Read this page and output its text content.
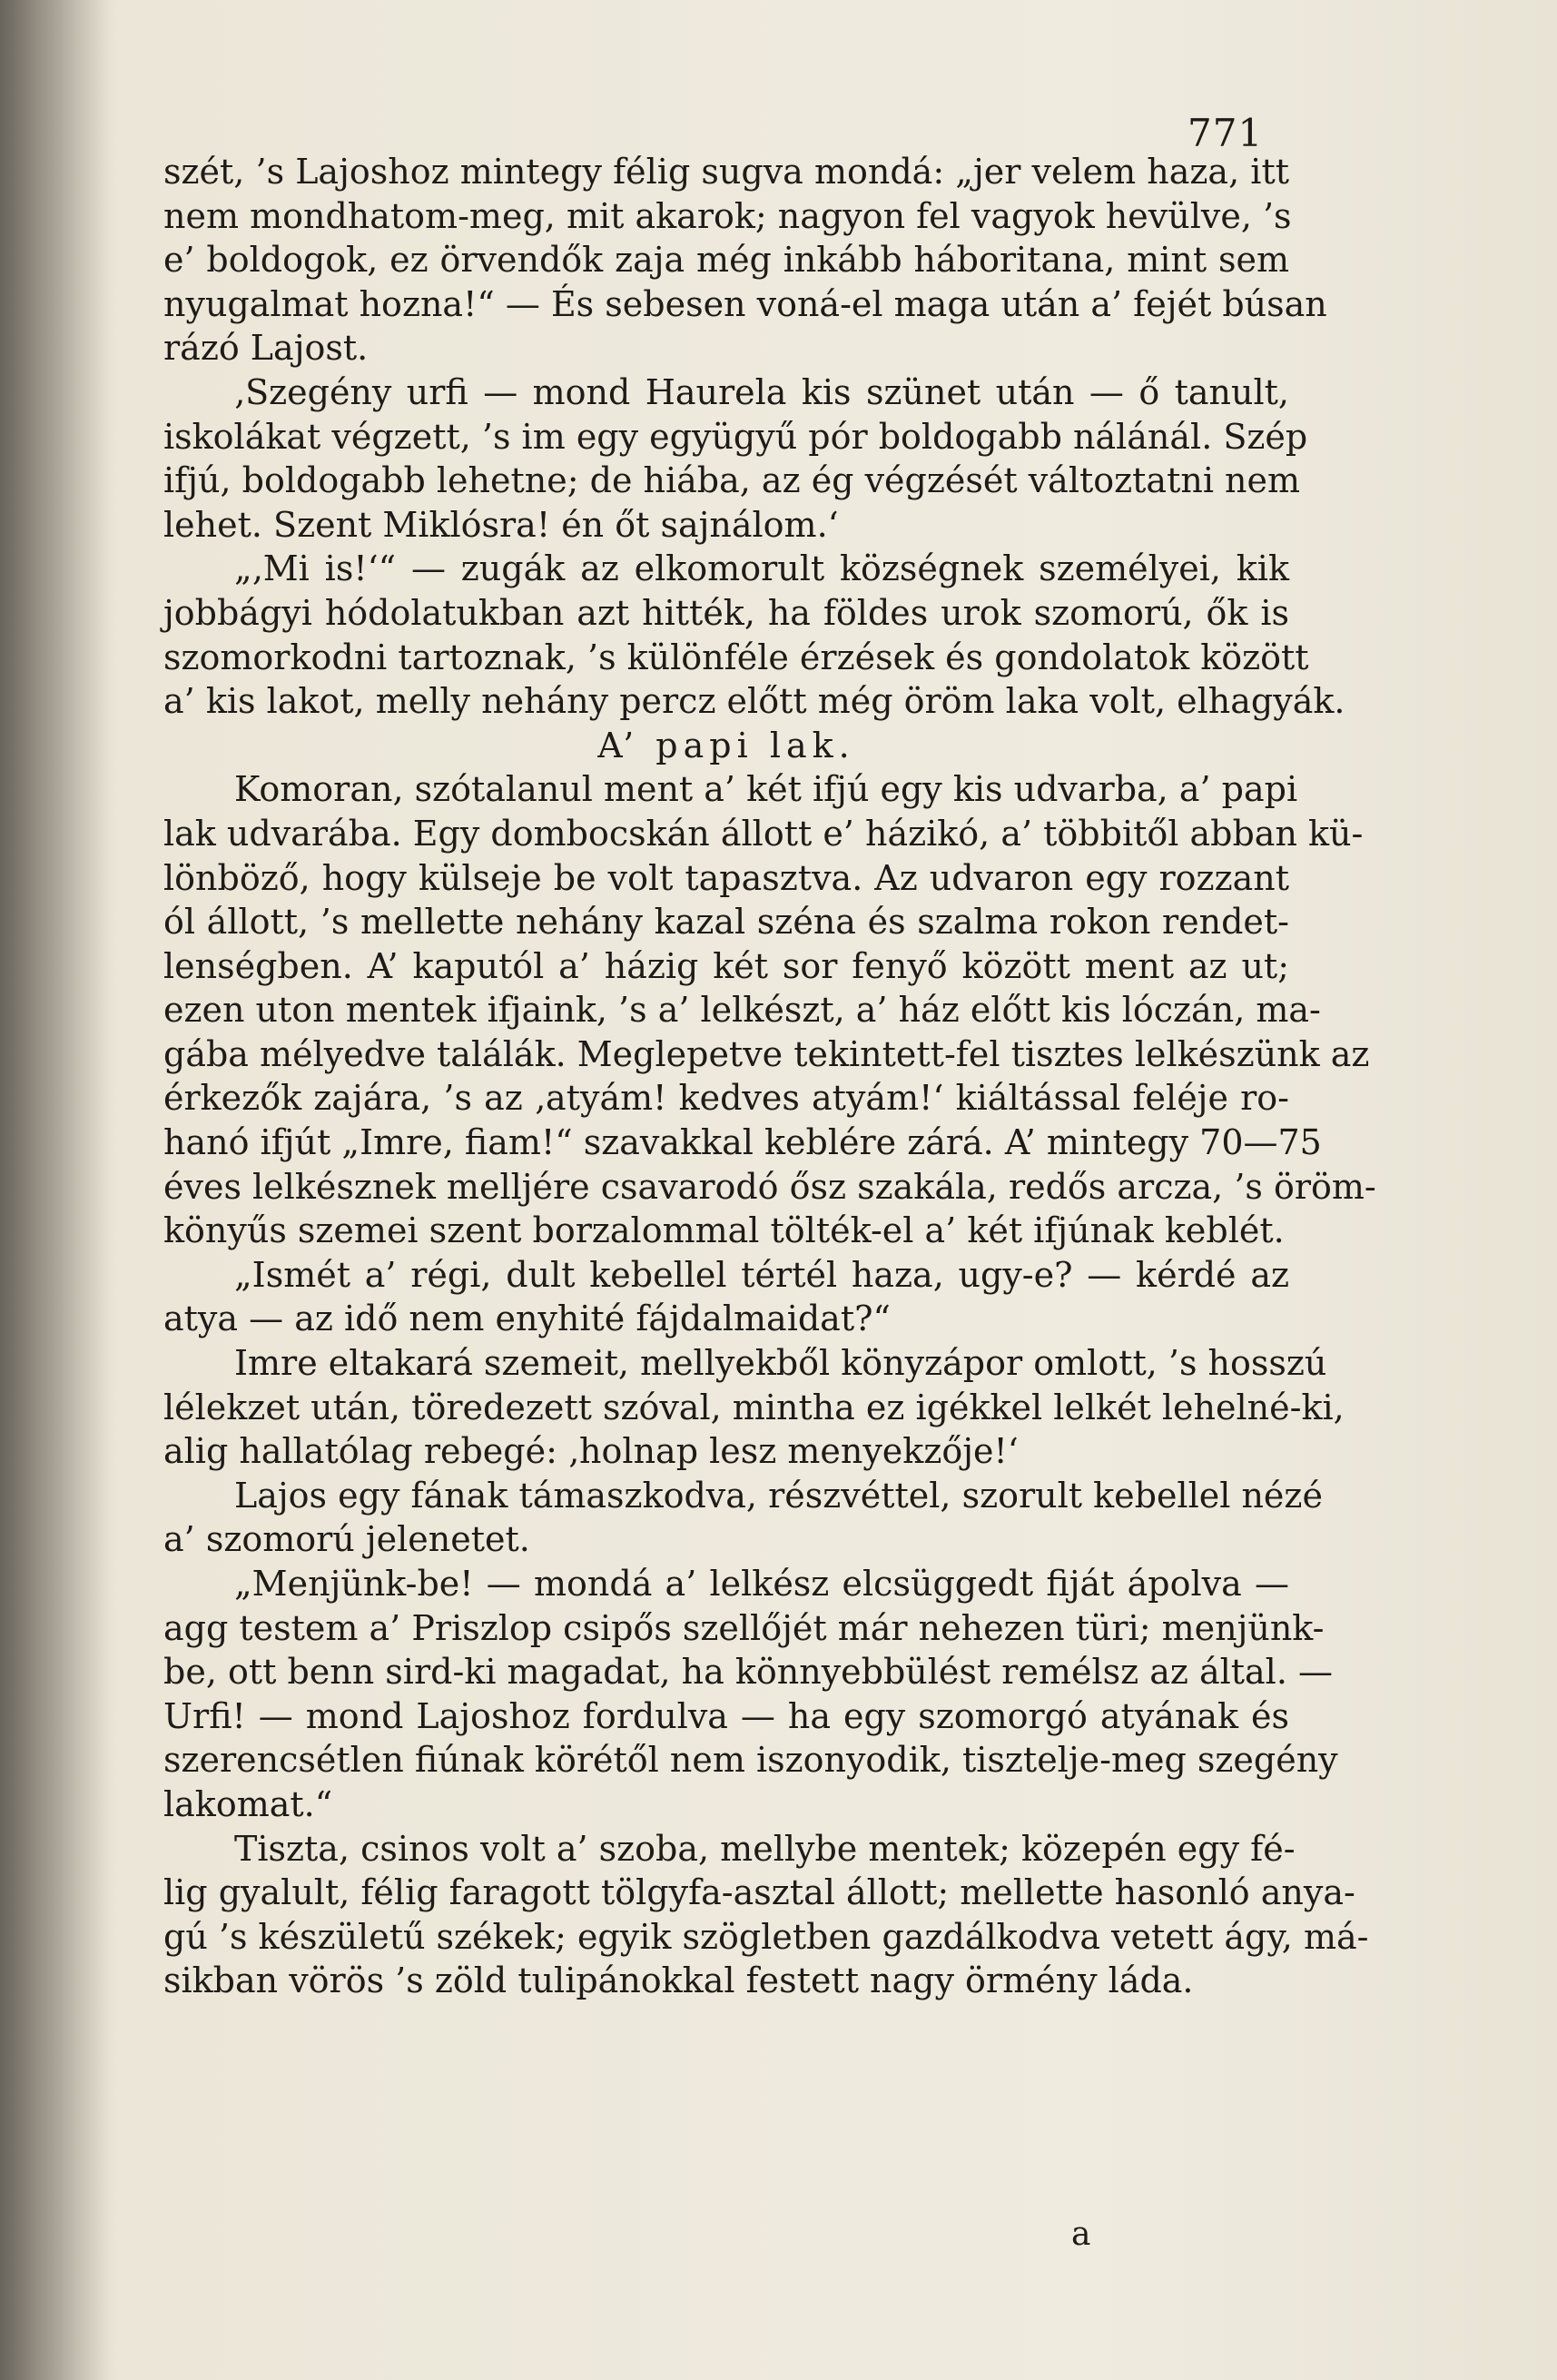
771
szét, ’s Lajoshoz mintegy félig sugva mondá: „jer velem haza, itt
nem mondhatom-meg, mit akarok; nagyon fel vagyok hevülve, ’s
e’ boldogok, ez örvendők zaja még inkább háboritana, mint sem
nyugalmat hozna!“ — És sebesen voná-el maga után a’ fejét búsan
rázó Lajost.
‚Szegény urfi — mond Haurela kis szünet után — ő tanult,
iskolákat végzett, ’s im egy együgyű pór boldogabb nálánál. Szép
ifjú, boldogabb lehetne; de hiába, az ég végzését változtatni nem
lehet. Szent Miklósra! én őt sajnálom.‘
„‚Mi is!‘“ — zugák az elkomorult községnek személyei, kik
jobbágyi hódolatukban azt hitték, ha földes urok szomorú, ők is
szomorkodni tartoznak, ’s különféle érzések és gondolatok között
a’ kis lakot, melly nehány percz előtt még öröm laka volt, elhagyák.
A’ papi lak.
Komoran, szótalanul ment a’ két ifjú egy kis udvarba, a’ papi
lak udvarába. Egy dombocskán állott e’ házikó, a’ többitől abban kü-
lönböző, hogy külseje be volt tapasztva. Az udvaron egy rozzant
ól állott, ’s mellette nehány kazal széna és szalma rokon rendet-
lenségben. A’ kaputól a’ házig két sor fenyő között ment az ut;
ezen uton mentek ifjaink, ’s a’ lelkészt, a’ ház előtt kis lóczán, ma-
gába mélyedve találák. Meglepetve tekintett-fel tisztes lelkészünk az
érkezők zajára, ’s az ‚atyám! kedves atyám!‘ kiáltással feléje ro-
hanó ifjút „Imre, fiam!“ szavakkal keblére zárá. A’ mintegy 70—75
éves lelkésznek melljére csavarodó ősz szakála, redős arcza, ’s öröm-
könyűs szemei szent borzalommal tölték-el a’ két ifjúnak keblét.
„Ismét a’ régi, dult kebellel tértél haza, ugy-e? — kérdé az
atya — az idő nem enyhité fájdalmaidat?“
Imre eltakará szemeit, mellyekből könyzápor omlott, ’s hosszú
lélekzet után, töredezett szóval, mintha ez igékkel lelkét lehelné-ki,
alig hallatólag rebegé: ‚holnap lesz menyekzője!‘
Lajos egy fának támaszkodva, részvéttel, szorult kebellel nézé
a’ szomorú jelenetet.
„Menjünk-be! — mondá a’ lelkész elcsüggedt fiját ápolva —
agg testem a’ Priszlop csipős szellőjét már nehezen türi; menjünk-
be, ott benn sird-ki magadat, ha könnyebbülést remélsz az által. —
Urfi! — mond Lajoshoz fordulva — ha egy szomorgó atyának és
szerencsétlen fiúnak körétől nem iszonyodik, tisztelje-meg szegény
lakomat.“
Tiszta, csinos volt a’ szoba, mellybe mentek; közepén egy fé-
lig gyalult, félig faragott tölgyfa-asztal állott; mellette hasonló anya-
gú ’s készületű székek; egyik szögletben gazdálkodva vetett ágy, má-
sikban vörös ’s zöld tulipánokkal festett nagy örmény láda.
a
